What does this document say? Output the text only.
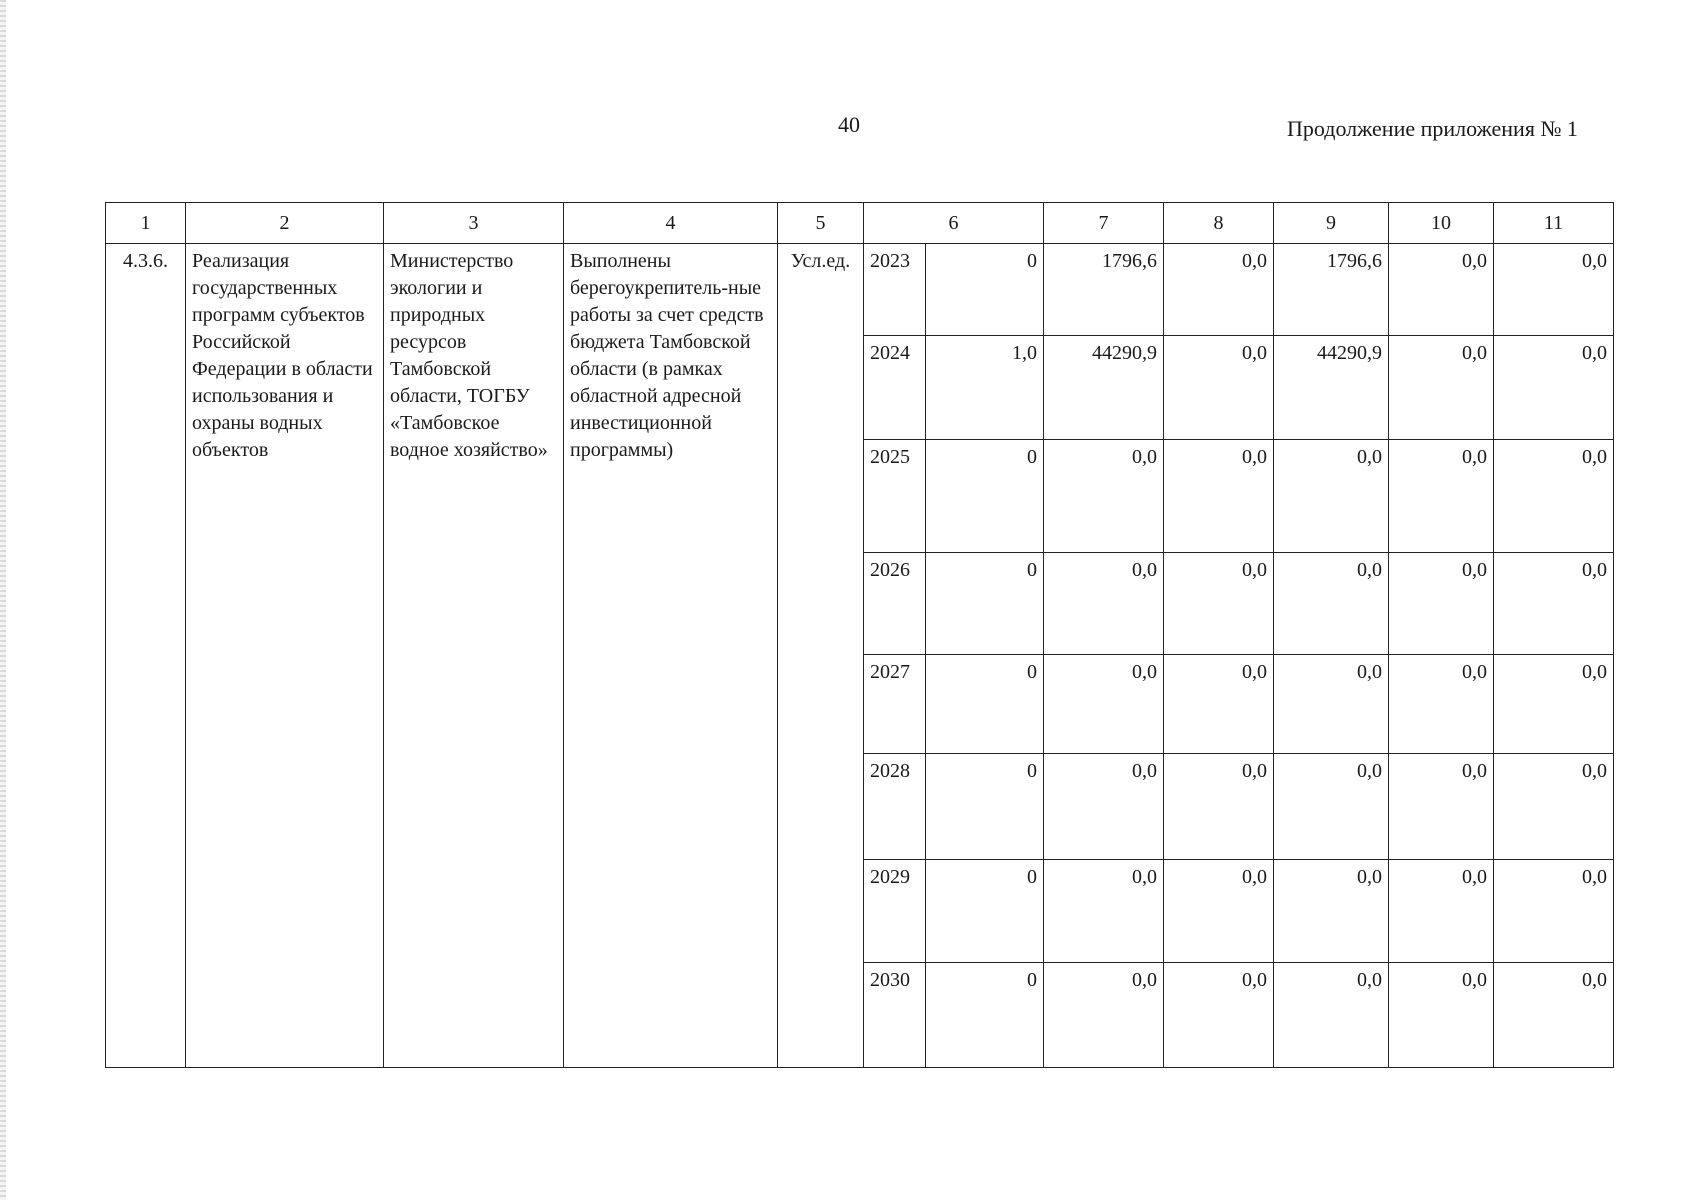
40	Продолжение приложения № 1
1	2	3	4	5	6		7	8	9	10	11
4.3.6.	Реализация государственных программ субъектов Российской Федерации в области использования и охраны водных объектов	Министерство экологии и природных ресурсов Тамбовской области, ТОГБУ «Тамбовское водное хозяйство»	Выполнены берегоукрепитель-ные работы за счет средств бюджета Тамбовской области (в рамках областной адресной инвестиционной программы)	Усл.ед.	2023	0	1796,6	0,0	1796,6	0,0	0,0
					2024	1,0	44290,9	0,0	44290,9	0,0	0,0
					2025	0	0,0	0,0	0,0	0,0	0,0
					2026	0	0,0	0,0	0,0	0,0	0,0
					2027	0	0,0	0,0	0,0	0,0	0,0
					2028	0	0,0	0,0	0,0	0,0	0,0
					2029	0	0,0	0,0	0,0	0,0	0,0
					2030	0	0,0	0,0	0,0	0,0	0,0
